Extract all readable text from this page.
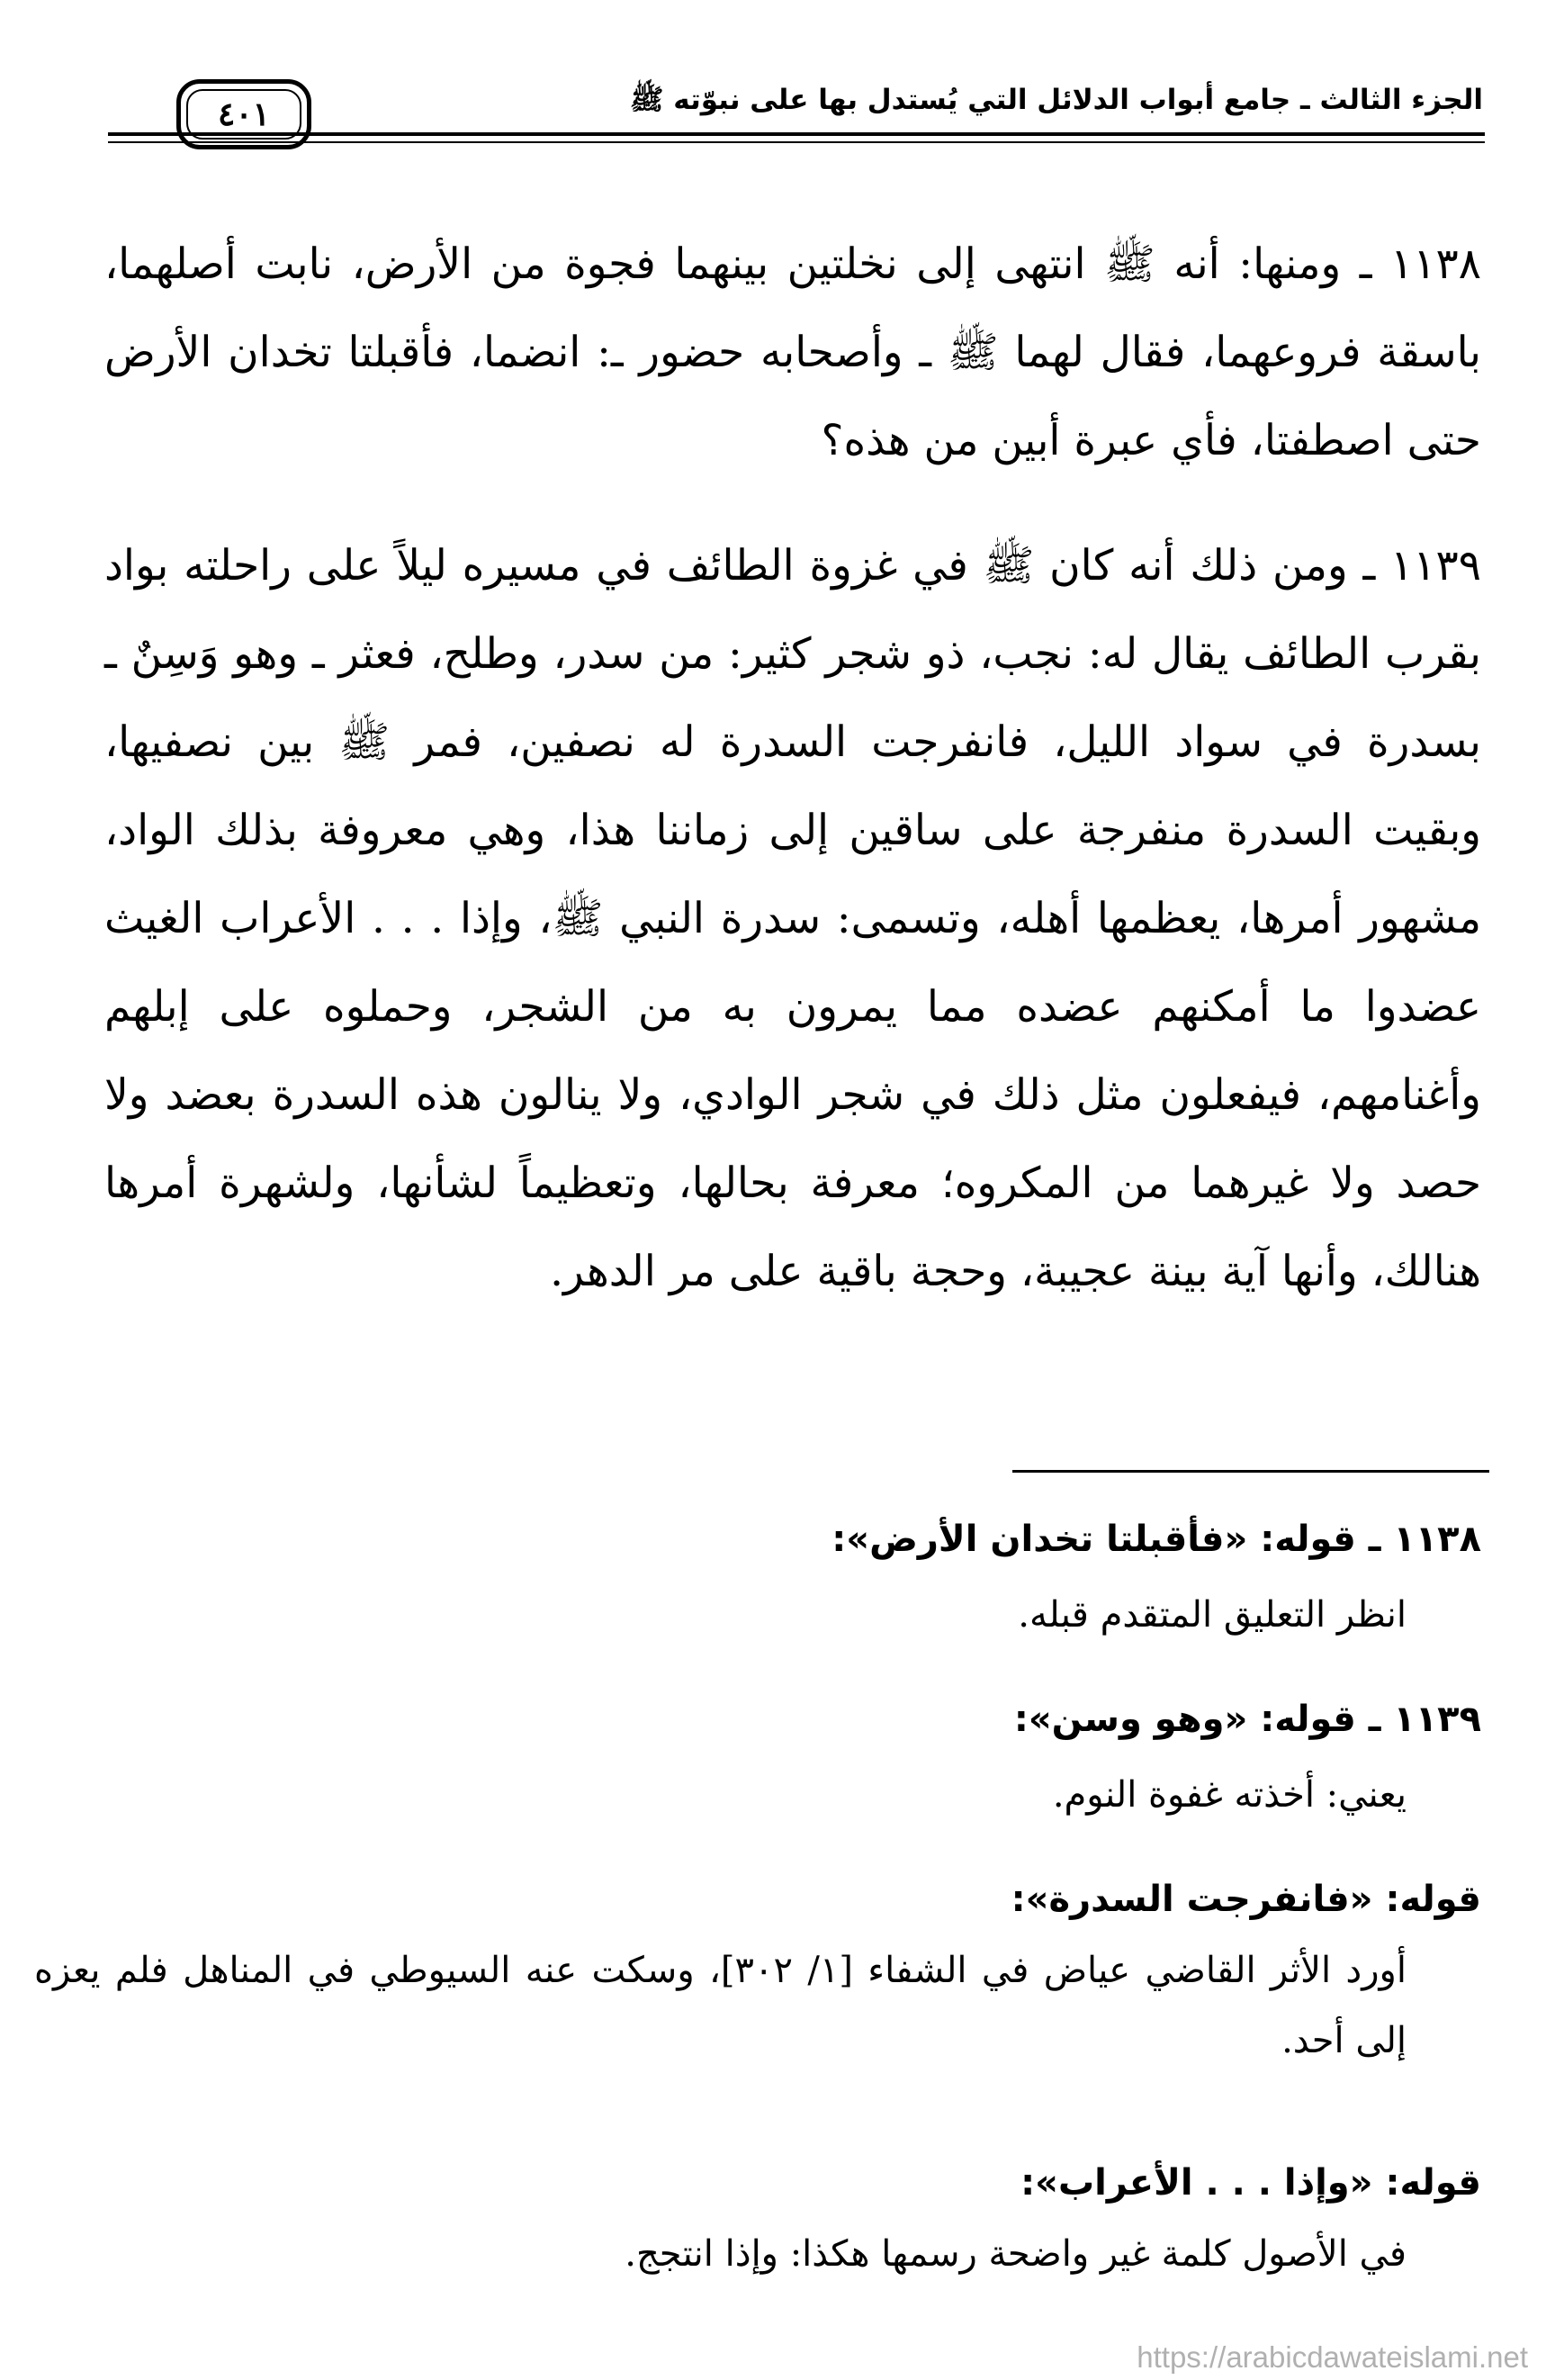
الجزء الثالث ـ جامع أبواب الدلائل التي يُستدل بها على نبوّته ﷺ
٤٠١

١١٣٨ ـ ومنها: أنه ﷺ انتهى إلى نخلتين بينهما فجوة من الأرض، نابت أصلهما، باسقة فروعهما، فقال لهما ﷺ ـ وأصحابه حضور ـ: انضما، فأقبلتا تخدان الأرض حتى اصطفتا، فأي عبرة أبين من هذه؟

١١٣٩ ـ ومن ذلك أنه كان ﷺ في غزوة الطائف في مسيره ليلاً على راحلته بواد بقرب الطائف يقال له: نجب، ذو شجر كثير: من سدر، وطلح، فعثر ـ وهو وَسِنٌ ـ بسدرة في سواد الليل، فانفرجت السدرة له نصفين، فمر ﷺ بين نصفيها، وبقيت السدرة منفرجة على ساقين إلى زماننا هذا، وهي معروفة بذلك الواد، مشهور أمرها، يعظمها أهله، وتسمى: سدرة النبي ﷺ، وإذا . . . الأعراب الغيث عضدوا ما أمكنهم عضده مما يمرون به من الشجر، وحملوه على إبلهم وأغنامهم، فيفعلون مثل ذلك في شجر الوادي، ولا ينالون هذه السدرة بعضد ولا حصد ولا غيرهما من المكروه؛ معرفة بحالها، وتعظيماً لشأنها، ولشهرة أمرها هنالك، وأنها آية بينة عجيبة، وحجة باقية على مر الدهر.

١١٣٨ ـ قوله: «فأقبلتا تخدان الأرض»:
انظر التعليق المتقدم قبله.
١١٣٩ ـ قوله: «وهو وسن»:
يعني: أخذته غفوة النوم.
قوله: «فانفرجت السدرة»:
أورد الأثر القاضي عياض في الشفاء [١/ ٣٠٢]، وسكت عنه السيوطي في المناهل فلم يعزه إلى أحد.
قوله: «وإذا . . . الأعراب»:
في الأصول كلمة غير واضحة رسمها هكذا: وإذا انتجج.
https://arabicdawateislami.net
